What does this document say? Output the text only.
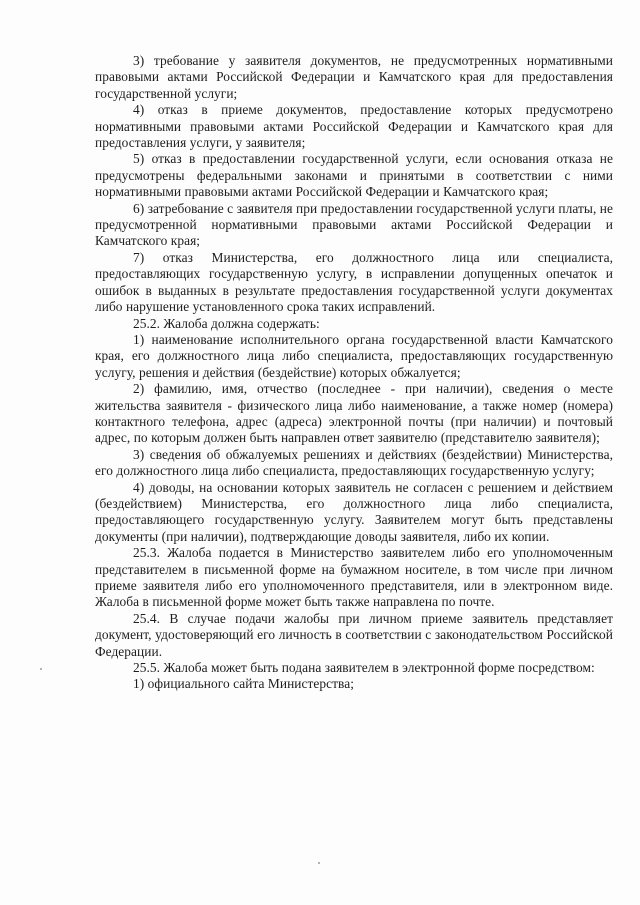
3) требование у заявителя документов, не предусмотренных нормативными правовыми актами Российской Федерации и Камчатского края для предоставления государственной услуги;

4) отказ в приеме документов, предоставление которых предусмотрено нормативными правовыми актами Российской Федерации и Камчатского края для предоставления услуги, у заявителя;

5) отказ в предоставлении государственной услуги, если основания отказа не предусмотрены федеральными законами и принятыми в соответствии с ними нормативными правовыми актами Российской Федерации и Камчатского края;

6) затребование с заявителя при предоставлении государственной услуги платы, не предусмотренной нормативными правовыми актами Российской Федерации и Камчатского края;

7) отказ Министерства, его должностного лица или специалиста, предоставляющих государственную услугу, в исправлении допущенных опечаток и ошибок в выданных в результате предоставления государственной услуги документах либо нарушение установленного срока таких исправлений.

25.2. Жалоба должна содержать:

1) наименование исполнительного органа государственной власти Камчатского края, его должностного лица либо специалиста, предоставляющих государственную услугу, решения и действия (бездействие) которых обжалуется;

2) фамилию, имя, отчество (последнее - при наличии), сведения о месте жительства заявителя - физического лица либо наименование, а также номер (номера) контактного телефона, адрес (адреса) электронной почты (при наличии) и почтовый адрес, по которым должен быть направлен ответ заявителю (представителю заявителя);

3) сведения об обжалуемых решениях и действиях (бездействии) Министерства, его должностного лица либо специалиста, предоставляющих государственную услугу;

4) доводы, на основании которых заявитель не согласен с решением и действием (бездействием) Министерства, его должностного лица либо специалиста, предоставляющего государственную услугу. Заявителем могут быть представлены документы (при наличии), подтверждающие доводы заявителя, либо их копии.

25.3. Жалоба подается в Министерство заявителем либо его уполномоченным представителем в письменной форме на бумажном носителе, в том числе при личном приеме заявителя либо его уполномоченного представителя, или в электронном виде. Жалоба в письменной форме может быть также направлена по почте.

25.4. В случае подачи жалобы при личном приеме заявитель представляет документ, удостоверяющий его личность в соответствии с законодательством Российской Федерации.

25.5. Жалоба может быть подана заявителем в электронной форме посредством:

1) официального сайта Министерства;
